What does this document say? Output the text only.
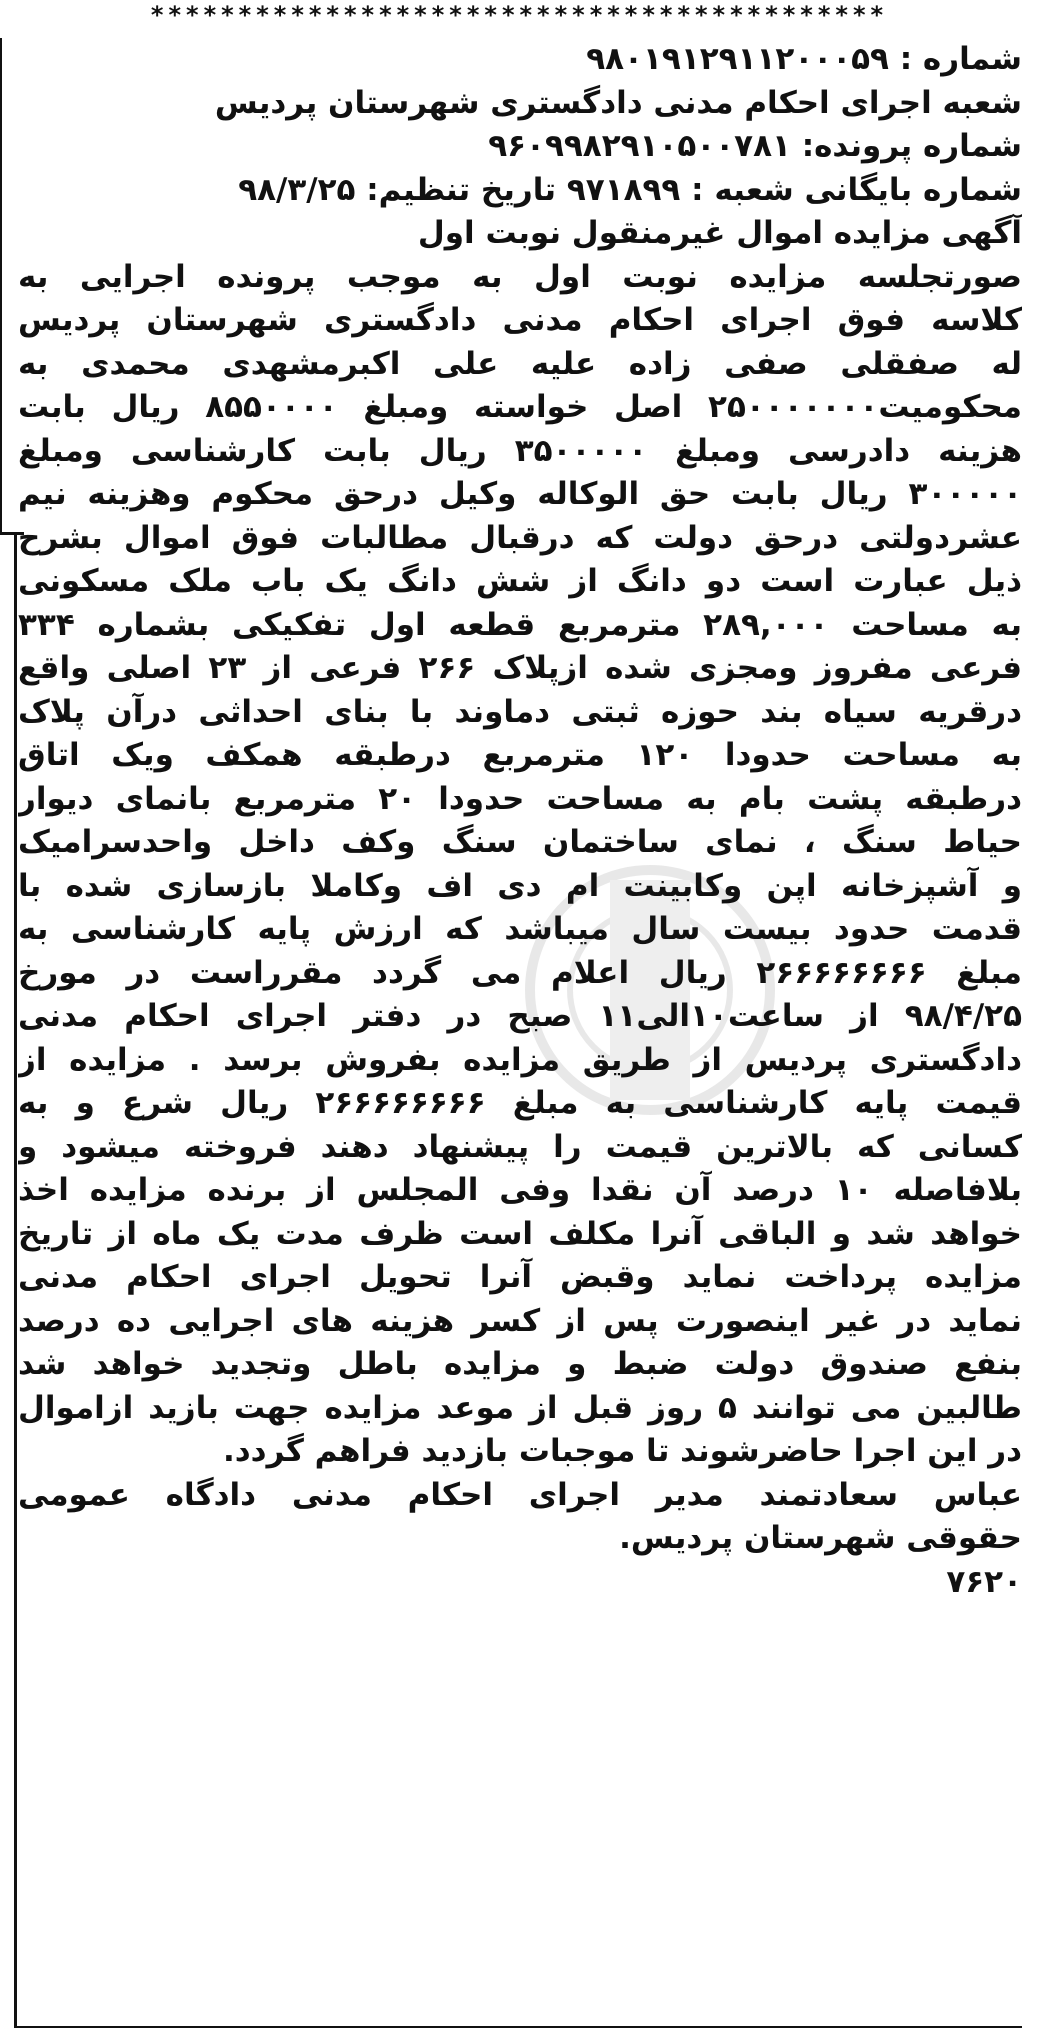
******************************************
شماره : ۹۸۰۱۹۱۲۹۱۱۲۰۰۰۵۹
شعبه اجرای احکام مدنی دادگستری شهرستان پردیس
شماره پرونده: ۹۶۰۹۹۸۲۹۱۰۵۰۰۷۸۱
شماره بایگانی شعبه : ۹۷۱۸۹۹ تاریخ تنظیم: ۹۸/۳/۲۵
آگهی مزایده اموال غیرمنقول نوبت اول
صورتجلسه مزایده نوبت اول به موجب پرونده اجرایی به
کلاسه فوق اجرای احکام مدنی دادگستری شهرستان پردیس
له صفقلی صفی زاده علیه علی اکبرمشهدی محمدی به
محکومیت۲۵۰۰۰۰۰۰۰ اصل خواسته ومبلغ ۸۵۵۰۰۰۰ ریال بابت
هزینه دادرسی ومبلغ ۳۵۰۰۰۰۰ ریال بابت کارشناسی ومبلغ
۳۰۰۰۰۰ ریال بابت حق الوکاله وکیل درحق محکوم وهزینه نیم
عشردولتی درحق دولت که درقبال مطالبات فوق اموال بشرح
ذیل عبارت است دو دانگ از شش دانگ یک باب ملک مسکونی
به مساحت ۲۸۹,۰۰۰ مترمربع قطعه اول تفکیکی بشماره ۳۳۴
فرعی مفروز ومجزی شده ازپلاک ۲۶۶ فرعی از ۲۳ اصلی واقع
درقریه سیاه بند حوزه ثبتی دماوند با بنای احداثی درآن پلاک
به مساحت حدودا ۱۲۰ مترمربع درطبقه همکف ویک اتاق
درطبقه پشت بام به مساحت حدودا ۲۰ مترمربع بانمای دیوار
حیاط سنگ ، نمای ساختمان سنگ وکف داخل واحدسرامیک
و آشپزخانه اپن وکابینت ام دی اف وکاملا بازسازی شده با
قدمت حدود بیست سال میباشد که ارزش پایه کارشناسی به
مبلغ ۲۶۶۶۶۶۶۶۶ ریال اعلام می گردد مقرراست در مورخ
۹۸/۴/۲۵ از ساعت۱۰الی۱۱ صبح در دفتر اجرای احکام مدنی
دادگستری پردیس از طریق مزایده بفروش برسد . مزایده از
قیمت پایه کارشناسی به مبلغ ۲۶۶۶۶۶۶۶۶ ریال شرع و به
کسانی که بالاترین قیمت را پیشنهاد دهند فروخته میشود و
بلافاصله ۱۰ درصد آن نقدا وفی المجلس از برنده مزایده اخذ
خواهد شد و الباقی آنرا مکلف است ظرف مدت یک ماه از تاریخ
مزایده پرداخت نماید وقبض آنرا تحویل اجرای احکام مدنی
نماید در غیر اینصورت پس از کسر هزینه های اجرایی ده درصد
بنفع صندوق دولت ضبط و مزایده باطل وتجدید خواهد شد
طالبین می توانند ۵ روز قبل از موعد مزایده جهت بازید ازاموال
در این اجرا حاضرشوند تا موجبات بازدید فراهم گردد.
عباس سعادتمند مدیر اجرای احکام مدنی دادگاه عمومی
حقوقی شهرستان پردیس.
۷۶۲۰
